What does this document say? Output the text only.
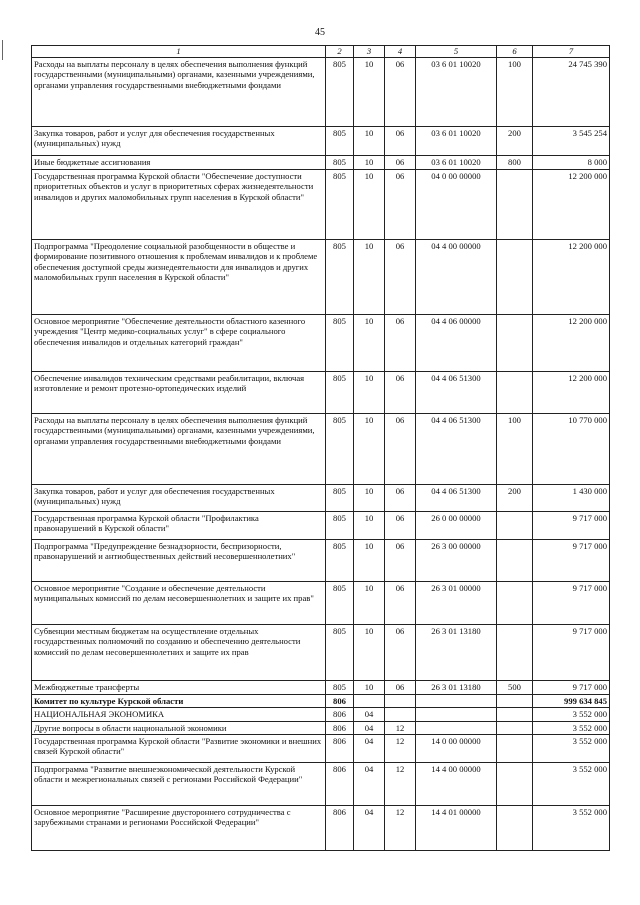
45
1	2	3	4	5	6	7
Расходы на выплаты персоналу в целях обеспечения выполнения функций государственными (муниципальными) органами, казенными учреждениями, органами управления государственными внебюджетными фондами	805	10	06	03 6 01 10020	100	24 745 390
Закупка товаров, работ и услуг для обеспечения государственных (муниципальных) нужд	805	10	06	03 6 01 10020	200	3 545 254
Иные бюджетные ассигнования	805	10	06	03 6 01 10020	800	8 000
Государственная программа Курской области "Обеспечение доступности приоритетных объектов и услуг в приоритетных сферах жизнедеятельности инвалидов и других маломобильных групп населения в Курской области"	805	10	06	04 0 00 00000		12 200 000
Подпрограмма "Преодоление социальной разобщенности в обществе и формирование позитивного отношения к проблемам инвалидов и к проблеме обеспечения доступной среды жизнедеятельности для инвалидов и других маломобильных групп населения в Курской области"	805	10	06	04 4 00 00000		12 200 000
Основное мероприятие "Обеспечение деятельности областного казенного учреждения "Центр медико-социальных услуг" в сфере социального обеспечения инвалидов и отдельных категорий граждан"	805	10	06	04 4 06 00000		12 200 000
Обеспечение инвалидов техническим средствами реабилитации, включая изготовление и ремонт протезно-ортопедических изделий	805	10	06	04 4 06 51300		12 200 000
Расходы на выплаты персоналу в целях обеспечения выполнения функций государственными (муниципальными) органами, казенными учреждениями, органами управления государственными внебюджетными фондами	805	10	06	04 4 06 51300	100	10 770 000
Закупка товаров, работ и услуг для обеспечения государственных (муниципальных) нужд	805	10	06	04 4 06 51300	200	1 430 000
Государственная программа Курской области "Профилактика правонарушений в Курской области"	805	10	06	26 0 00 00000		9 717 000
Подпрограмма "Предупреждение безнадзорности, беспризорности, правонарушений и антиобщественных действий несовершеннолетних"	805	10	06	26 3 00 00000		9 717 000
Основное мероприятие "Создание и обеспечение деятельности муниципальных комиссий по делам несовершеннолетних и защите их прав"	805	10	06	26 3 01 00000		9 717 000
Субвенции местным бюджетам на осуществление отдельных государственных полномочий по созданию и обеспечению деятельности комиссий по делам несовершеннолетних и защите их прав	805	10	06	26 3 01 13180		9 717 000
Межбюджетные трансферты	805	10	06	26 3 01 13180	500	9 717 000
Комитет по культуре Курской области	806					999 634 845
НАЦИОНАЛЬНАЯ ЭКОНОМИКА	806	04				3 552 000
Другие вопросы в области национальной экономики	806	04	12			3 552 000
Государственная программа Курской области "Развитие экономики и внешних связей Курской области"	806	04	12	14 0 00 00000		3 552 000
Подпрограмма "Развитие внешнеэкономической деятельности Курской области и межрегиональных связей с регионами Российской Федерации"	806	04	12	14 4 00 00000		3 552 000
Основное мероприятие "Расширение двустороннего сотрудничества с зарубежными странами и регионами Российской Федерации"	806	04	12	14 4 01 00000		3 552 000
